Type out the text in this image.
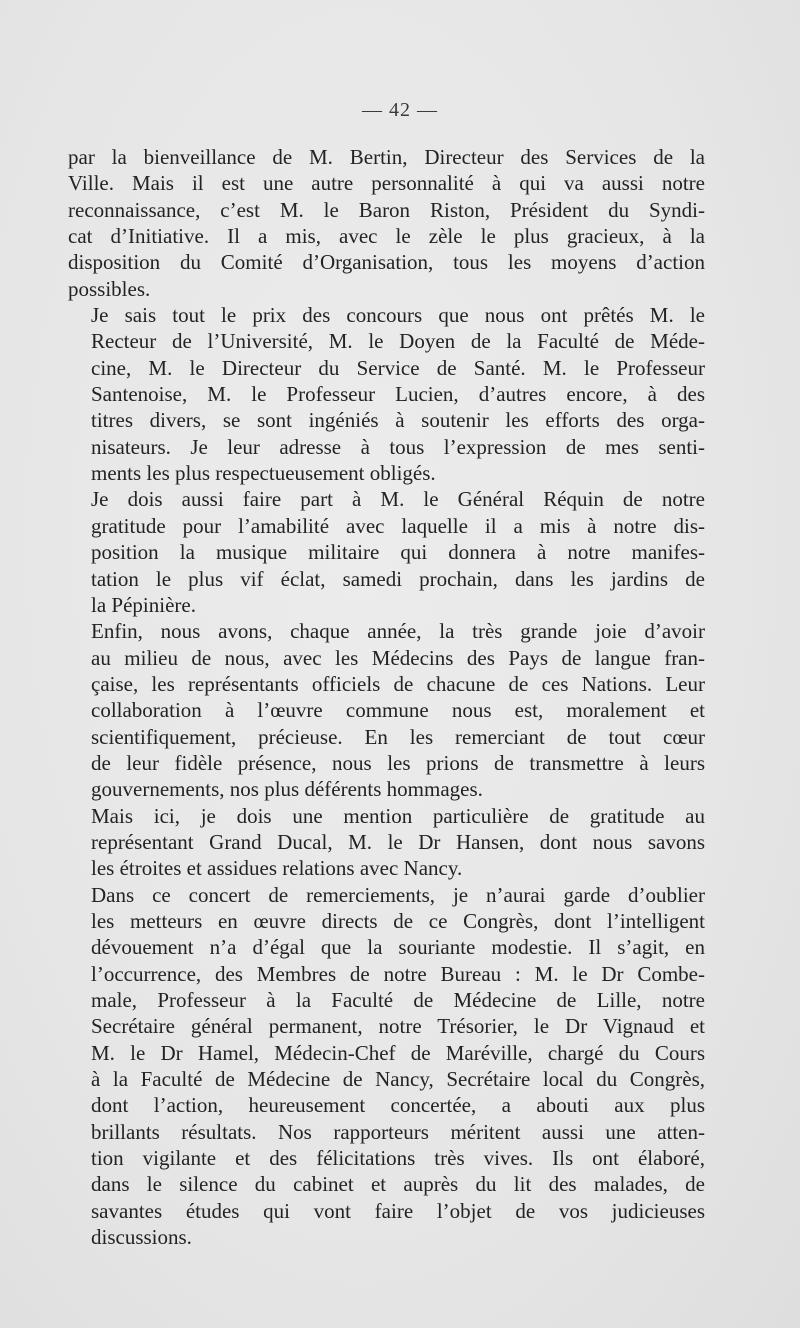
— 42 —

par la bienveillance de M. Bertin, Directeur des Services de la
Ville. Mais il est une autre personnalité à qui va aussi notre
reconnaissance, c’est M. le Baron Riston, Président du Syndi-
cat d’Initiative. Il a mis, avec le zèle le plus gracieux, à la
disposition du Comité d’Organisation, tous les moyens d’action
possibles.

Je sais tout le prix des concours que nous ont prêtés M. le
Recteur de l’Université, M. le Doyen de la Faculté de Méde-
cine, M. le Directeur du Service de Santé. M. le Professeur
Santenoise, M. le Professeur Lucien, d’autres encore, à des
titres divers, se sont ingéniés à soutenir les efforts des orga-
nisateurs. Je leur adresse à tous l’expression de mes senti-
ments les plus respectueusement obligés.

Je dois aussi faire part à M. le Général Réquin de notre
gratitude pour l’amabilité avec laquelle il a mis à notre dis-
position la musique militaire qui donnera à notre manifes-
tation le plus vif éclat, samedi prochain, dans les jardins de
la Pépinière.

Enfin, nous avons, chaque année, la très grande joie d’avoir
au milieu de nous, avec les Médecins des Pays de langue fran-
çaise, les représentants officiels de chacune de ces Nations. Leur
collaboration à l’œuvre commune nous est, moralement et
scientifiquement, précieuse. En les remerciant de tout cœur
de leur fidèle présence, nous les prions de transmettre à leurs
gouvernements, nos plus déférents hommages.

Mais ici, je dois une mention particulière de gratitude au
représentant Grand Ducal, M. le Dr Hansen, dont nous savons
les étroites et assidues relations avec Nancy.

Dans ce concert de remerciements, je n’aurai garde d’oublier
les metteurs en œuvre directs de ce Congrès, dont l’intelligent
dévouement n’a d’égal que la souriante modestie. Il s’agit, en
l’occurrence, des Membres de notre Bureau : M. le Dr Combe-
male, Professeur à la Faculté de Médecine de Lille, notre
Secrétaire général permanent, notre Trésorier, le Dr Vignaud et
M. le Dr Hamel, Médecin-Chef de Maréville, chargé du Cours
à la Faculté de Médecine de Nancy, Secrétaire local du Congrès,
dont l’action, heureusement concertée, a abouti aux plus
brillants résultats. Nos rapporteurs méritent aussi une atten-
tion vigilante et des félicitations très vives. Ils ont élaboré,
dans le silence du cabinet et auprès du lit des malades, de
savantes études qui vont faire l’objet de vos judicieuses
discussions.
